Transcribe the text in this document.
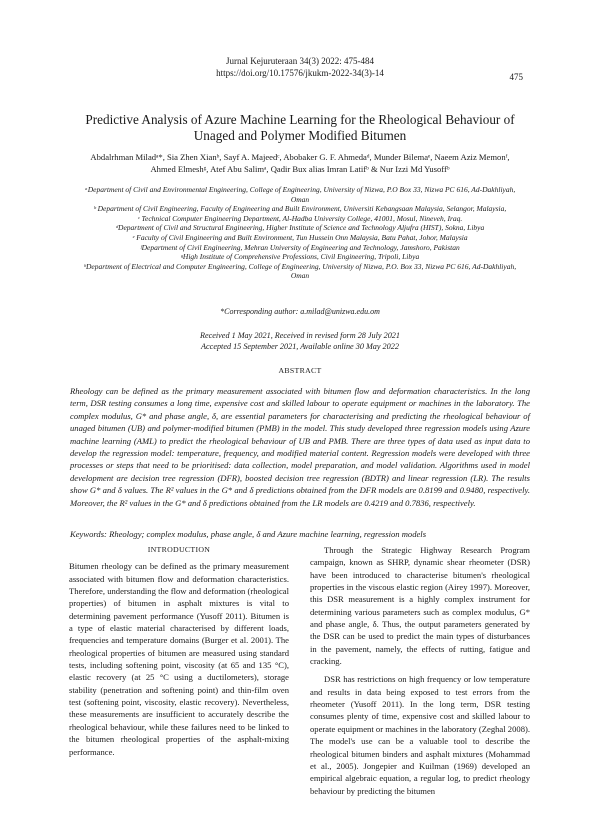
Jurnal Kejuruteraan 34(3) 2022: 475-484
https://doi.org/10.17576/jkukm-2022-34(3)-14	475
Predictive Analysis of Azure Machine Learning for the Rheological Behaviour of Unaged and Polymer Modified Bitumen
Abdalrhman Miladᵃ*, Sia Zhen Xianᵇ, Sayf A. Majeedᶜ, Abobaker G. F. Ahmedaᵈ, Munder Bilemaᵉ, Naeem Aziz Memonᶠ,
Ahmed Elmeshᵍ, Atef Abu Salimᵃ, Qadir Bux alias Imran Latifᵇ & Nur Izzi Md Yusoffᵇ
ᵃDepartment of Civil and Environmental Engineering, College of Engineering, University of Nizwa, P.O Box 33, Nizwa PC 616, Ad-Dakhliyah, Oman
ᵇ Department of Civil Engineering, Faculty of Engineering and Built Environment, Universiti Kebangsaan Malaysia, Selangor, Malaysia,
ᶜ Technical Computer Engineering Department, Al-Hadba University College, 41001, Mosul, Nineveh, Iraq.
ᵈDepartment of Civil and Structural Engineering, Higher Institute of Science and Technology Aljufra (HIST), Sokna, Libya
ᵉ Faculty of Civil Engineering and Built Environment, Tun Hussein Onn Malaysia, Batu Pahat, Johor, Malaysia
ᶠDepartment of Civil Engineering, Mehran University of Engineering and Technology, Jamshoro, Pakistan
ᵍHigh Institute of Comprehensive Professions, Civil Engineering, Tripoli, Libya
ʰDepartment of Electrical and Computer Engineering, College of Engineering, University of Nizwa, P.O. Box 33, Nizwa PC 616, Ad-Dakhliyah, Oman
*Corresponding author: a.milad@unizwa.edu.om
Received 1 May 2021, Received in revised form 28 July 2021
Accepted 15 September 2021, Available online 30 May 2022
ABSTRACT
Rheology can be defined as the primary measurement associated with bitumen flow and deformation characteristics. In the long term, DSR testing consumes a long time, expensive cost and skilled labour to operate equipment or machines in the laboratory. The complex modulus, G* and phase angle, δ, are essential parameters for characterising and predicting the rheological behaviour of unaged bitumen (UB) and polymer-modified bitumen (PMB) in the model. This study developed three regression models using Azure machine learning (AML) to predict the rheological behaviour of UB and PMB. There are three types of data used as input data to develop the regression model: temperature, frequency, and modified material content. Regression models were developed with three processes or steps that need to be prioritised: data collection, model preparation, and model validation. Algorithms used in model development are decision tree regression (DFR), boosted decision tree regression (BDTR) and linear regression (LR). The results show G* and δ values. The R² values in the G* and δ predictions obtained from the DFR models are 0.8199 and 0.9480, respectively. Moreover, the R² values in the G* and δ predictions obtained from the LR models are 0.4219 and 0.7836, respectively.
Keywords: Rheology; complex modulus, phase angle, δ and Azure machine learning, regression models
INTRODUCTION

Bitumen rheology can be defined as the primary measurement associated with bitumen flow and deformation characteristics. Therefore, understanding the flow and deformation (rheological properties) of bitumen in asphalt mixtures is vital to determining pavement performance (Yusoff 2011). Bitumen is a type of elastic material characterised by different loads, frequencies and temperature domains (Burger et al. 2001). The rheological properties of bitumen are measured using standard tests, including softening point, viscosity (at 65 and 135 °C), elastic recovery (at 25 °C using a ductilometers), storage stability (penetration and softening point) and thin-film oven test (softening point, viscosity, elastic recovery). Nevertheless, these measurements are insufficient to accurately describe the rheological behaviour, while these failures need to be linked to the bitumen rheological properties of the asphalt-mixing performance.

Through the Strategic Highway Research Program campaign, known as SHRP, dynamic shear rheometer (DSR) have been introduced to characterise bitumen's rheological properties in the viscous elastic region (Airey 1997). Moreover, this DSR measurement is a highly complex instrument for determining various parameters such as complex modulus, G* and phase angle, δ. Thus, the output parameters generated by the DSR can be used to predict the main types of disturbances in the pavement, namely, the effects of rutting, fatigue and cracking.

DSR has restrictions on high frequency or low temperature and results in data being exposed to test errors from the rheometer (Yusoff 2011). In the long term, DSR testing consumes plenty of time, expensive cost and skilled labour to operate equipment or machines in the laboratory (Zeghal 2008). The model's use can be a valuable tool to describe the rheological bitumen binders and asphalt mixtures (Mohammad et al., 2005). Jongepier and Kuilman (1969) developed an empirical algebraic equation, a regular log, to predict rheology behaviour by predicting the bitumen
